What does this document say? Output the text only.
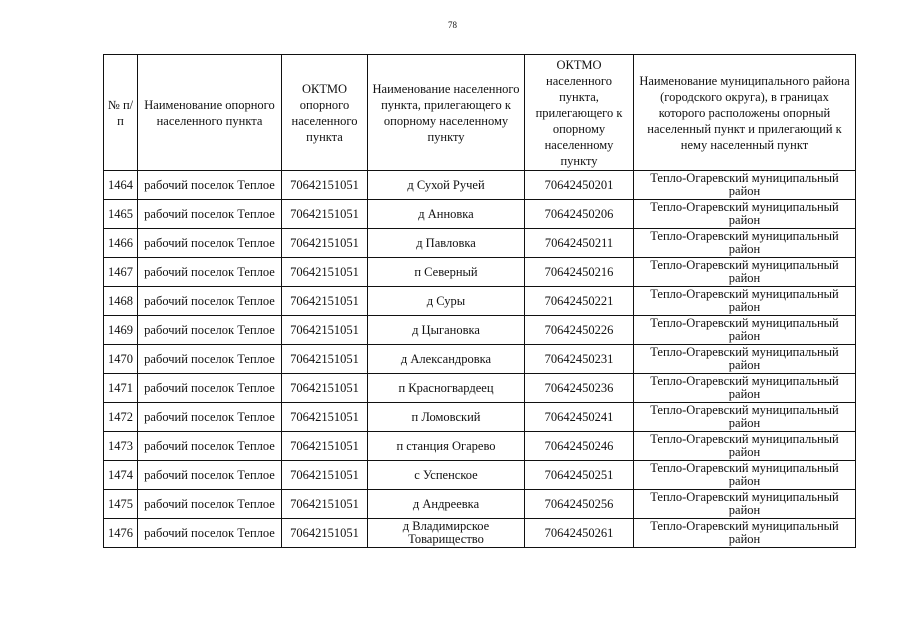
78
№ п/п	Наименование опорного населенного пункта	ОКТМО опорного населенного пункта	Наименование населенного пункта, прилегающего к опорному населенному пункту	ОКТМО населенного пункта, прилегающего к опорному населенному пункту	Наименование муниципального района (городского округа), в границах которого расположены опорный населенный пункт и прилегающий к нему населенный пункт
1464	рабочий поселок Теплое	70642151051	д Сухой Ручей	70642450201	Тепло-Огаревский муниципальный район
1465	рабочий поселок Теплое	70642151051	д Анновка	70642450206	Тепло-Огаревский муниципальный район
1466	рабочий поселок Теплое	70642151051	д Павловка	70642450211	Тепло-Огаревский муниципальный район
1467	рабочий поселок Теплое	70642151051	п Северный	70642450216	Тепло-Огаревский муниципальный район
1468	рабочий поселок Теплое	70642151051	д Суры	70642450221	Тепло-Огаревский муниципальный район
1469	рабочий поселок Теплое	70642151051	д Цыгановка	70642450226	Тепло-Огаревский муниципальный район
1470	рабочий поселок Теплое	70642151051	д Александровка	70642450231	Тепло-Огаревский муниципальный район
1471	рабочий поселок Теплое	70642151051	п Красногвардеец	70642450236	Тепло-Огаревский муниципальный район
1472	рабочий поселок Теплое	70642151051	п Ломовский	70642450241	Тепло-Огаревский муниципальный район
1473	рабочий поселок Теплое	70642151051	п станция Огарево	70642450246	Тепло-Огаревский муниципальный район
1474	рабочий поселок Теплое	70642151051	с Успенское	70642450251	Тепло-Огаревский муниципальный район
1475	рабочий поселок Теплое	70642151051	д Андреевка	70642450256	Тепло-Огаревский муниципальный район
1476	рабочий поселок Теплое	70642151051	д Владимирское Товарищество	70642450261	Тепло-Огаревский муниципальный район
